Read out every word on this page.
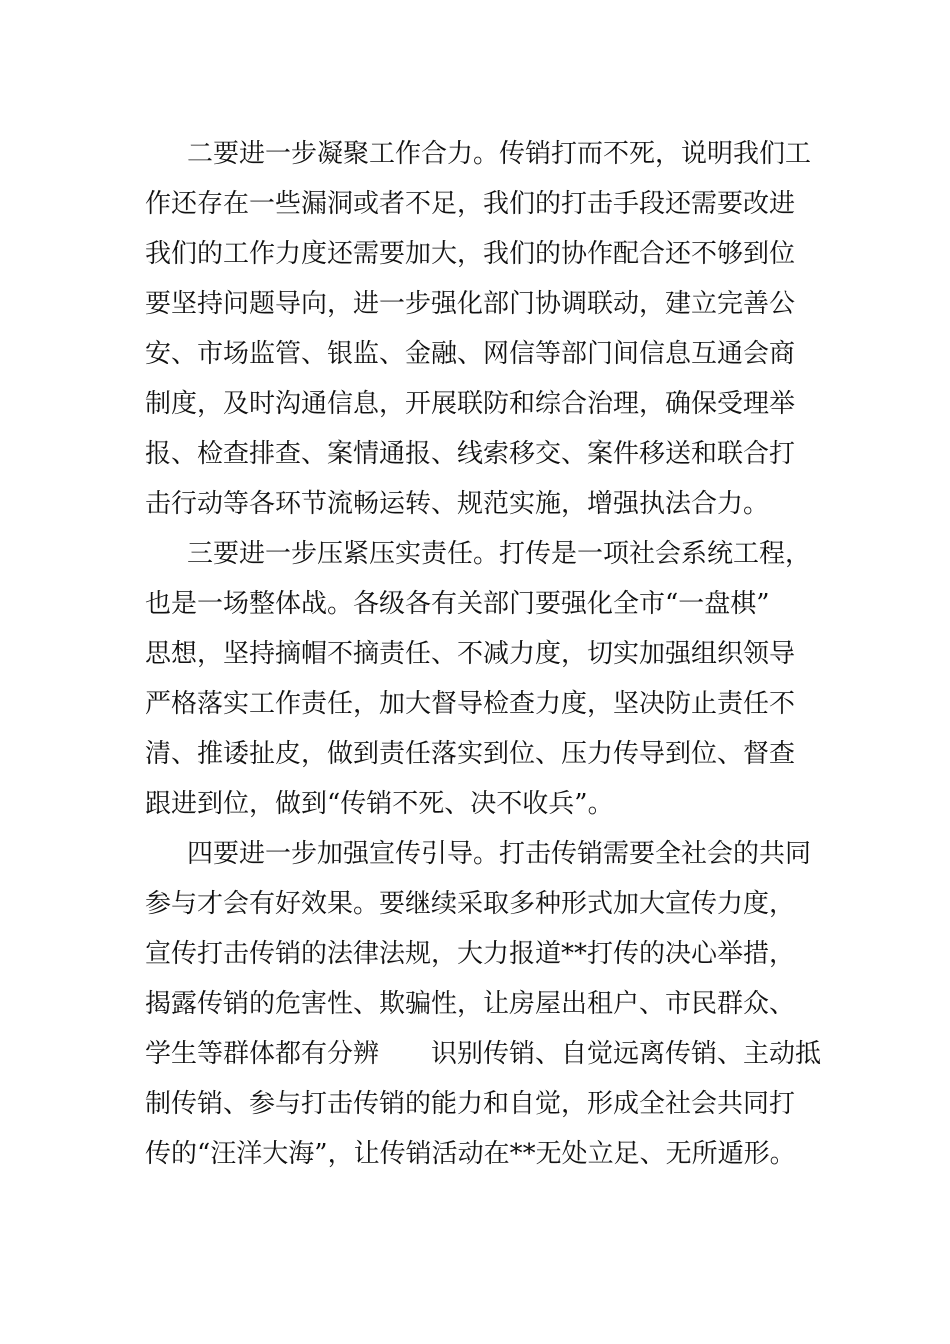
二要进一步凝聚工作合力。传销打而不死，说明我们工
作还存在一些漏洞或者不足，我们的打击手段还需要改进
我们的工作力度还需要加大，我们的协作配合还不够到位
要坚持问题导向，进一步强化部门协调联动，建立完善公
安、市场监管、银监、金融、网信等部门间信息互通会商
制度，及时沟通信息，开展联防和综合治理，确保受理举
报、检查排查、案情通报、线索移交、案件移送和联合打
击行动等各环节流畅运转、规范实施，增强执法合力。
三要进一步压紧压实责任。打传是一项社会系统工程，
也是一场整体战。各级各有关部门要强化全市“一盘棋”
思想，坚持摘帽不摘责任、不减力度，切实加强组织领导
严格落实工作责任，加大督导检查力度，坚决防止责任不
清、推诿扯皮，做到责任落实到位、压力传导到位、督查
跟进到位，做到“传销不死、决不收兵”。
四要进一步加强宣传引导。打击传销需要全社会的共同
参与才会有好效果。要继续采取多种形式加大宣传力度，
宣传打击传销的法律法规，大力报道**打传的决心举措，
揭露传销的危害性、欺骗性，让房屋出租户、市民群众、
学生等群体都有分辨　　识别传销、自觉远离传销、主动抵
制传销、参与打击传销的能力和自觉，形成全社会共同打
传的“汪洋大海”，让传销活动在**无处立足、无所遁形。
